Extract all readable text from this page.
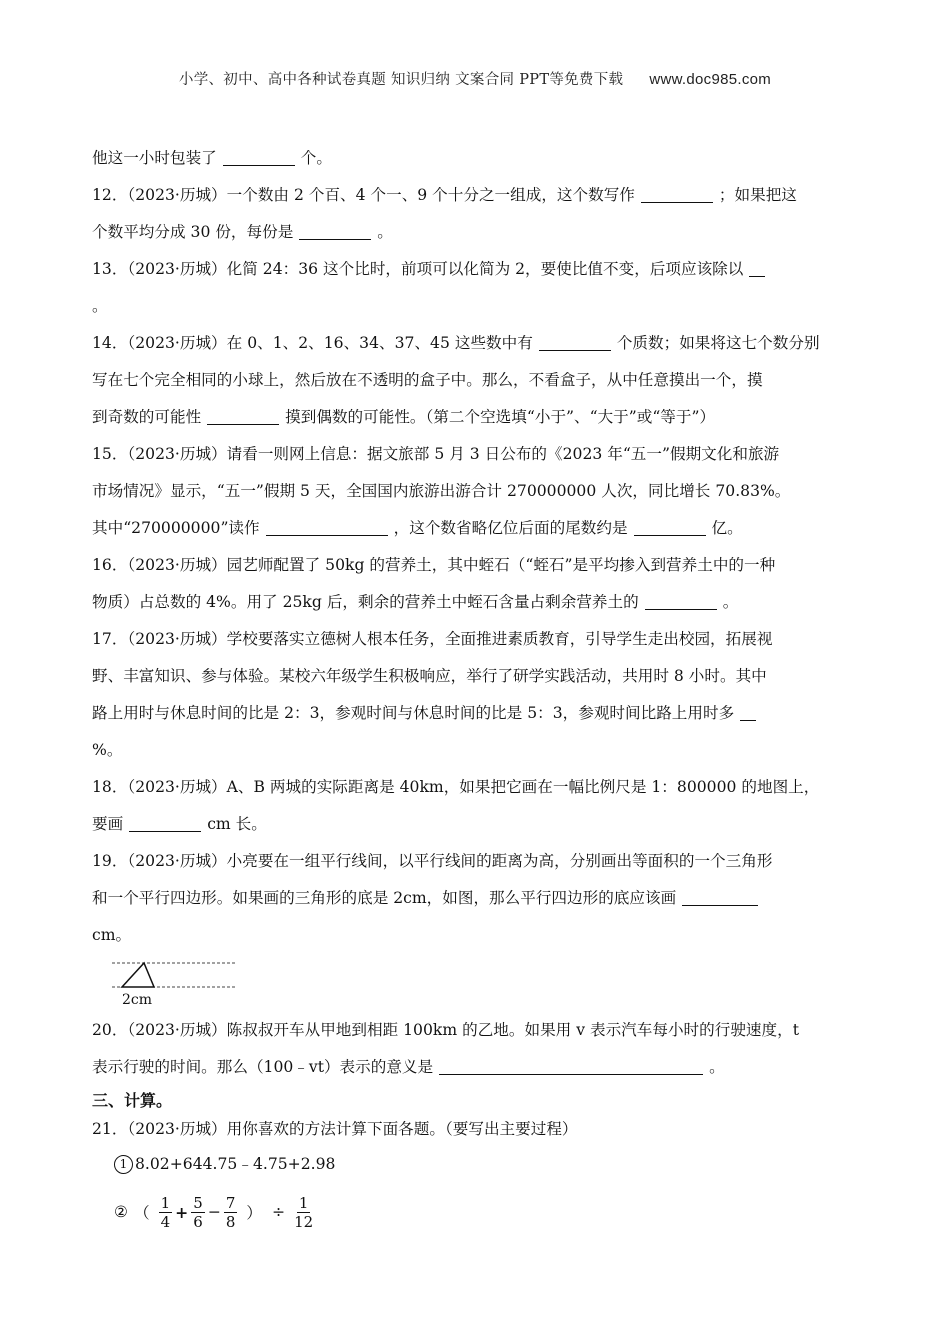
小学、初中、高中各种试卷真题 知识归纳 文案合同 PPT等免费下载 www.doc985.com
他这一小时包装了	个。
12．（2023·历城）一个数由 2 个百、4 个一、9 个十分之一组成，这个数写作	；如果把这
个数平均分成 30 份，每份是	。
13．（2023·历城）化简 24：36 这个比时，前项可以化简为 2，要使比值不变，后项应该除以
。
14．（2023·历城）在 0、1、2、16、34、37、45 这些数中有	个质数；如果将这七个数分别
写在七个完全相同的小球上，然后放在不透明的盒子中。那么，不看盒子，从中任意摸出一个，摸
到奇数的可能性	摸到偶数的可能性。（第二个空选填“小于”、“大于”或“等于”）
15．（2023·历城）请看一则网上信息：据文旅部 5 月 3 日公布的《2023 年“五一”假期文化和旅游
市场情况》显示，“五一”假期 5 天，全国国内旅游出游合计 270000000 人次，同比增长 70.83%。
其中“270000000”读作	，这个数省略亿位后面的尾数约是	亿。
16．（2023·历城）园艺师配置了 50kg 的营养土，其中蛭石（“蛭石”是平均掺入到营养土中的一种
物质）占总数的 4%。用了 25kg 后，剩余的营养土中蛭石含量占剩余营养土的	。
17．（2023·历城）学校要落实立德树人根本任务，全面推进素质教育，引导学生走出校园，拓展视
野、丰富知识、参与体验。某校六年级学生积极响应，举行了研学实践活动，共用时 8 小时。其中
路上用时与休息时间的比是 2：3，参观时间与休息时间的比是 5：3，参观时间比路上用时多
%。
18．（2023·历城）A、B 两城的实际距离是 40km，如果把它画在一幅比例尺是 1：800000 的地图上，
要画	cm 长。
19．（2023·历城）小亮要在一组平行线间，以平行线间的距离为高，分别画出等面积的一个三角形
和一个平行四边形。如果画的三角形的底是 2cm，如图，那么平行四边形的底应该画
cm。
2cm
20．（2023·历城）陈叔叔开车从甲地到相距 100km 的乙地。如果用 v 表示汽车每小时的行驶速度，t
表示行驶的时间。那么（100﹣vt）表示的意义是	。
三、计算。
21．（2023·历城）用你喜欢的方法计算下面各题。（要写出主要过程）
1 8.02+644.75﹣4.75+2.98
② （ $\frac{1}{4} + \frac{5}{6} - \frac{7}{8}$ ） ÷ $\frac{1}{12}$
